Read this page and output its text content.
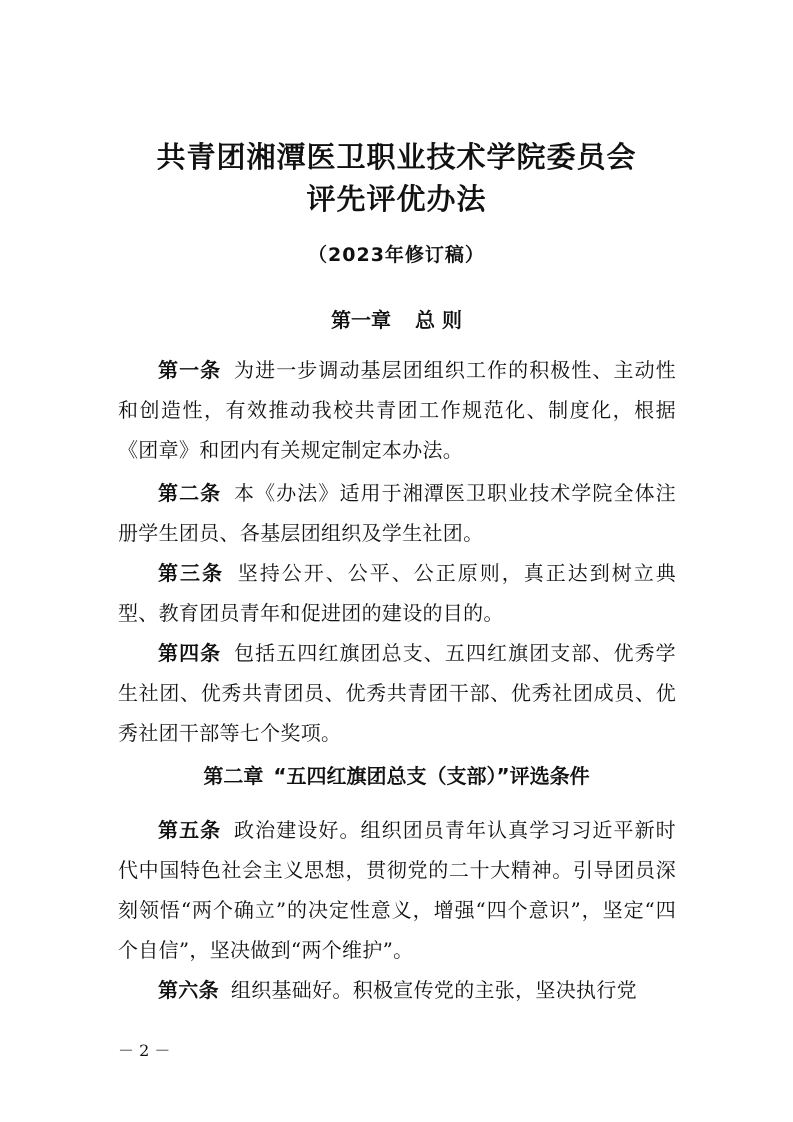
共青团湘潭医卫职业技术学院委员会
评先评优办法
（2023年修订稿）
第一章 总 则

第一条 为进一步调动基层团组织工作的积极性、主动性和创造性，有效推动我校共青团工作规范化、制度化，根据《团章》和团内有关规定制定本办法。

第二条 本《办法》适用于湘潭医卫职业技术学院全体注册学生团员、各基层团组织及学生社团。

第三条 坚持公开、公平、公正原则，真正达到树立典型、教育团员青年和促进团的建设的目的。

第四条 包括五四红旗团总支、五四红旗团支部、优秀学生社团、优秀共青团员、优秀共青团干部、优秀社团成员、优秀社团干部等七个奖项。

第二章 “五四红旗团总支（支部）”评选条件

第五条 政治建设好。组织团员青年认真学习习近平新时代中国特色社会主义思想，贯彻党的二十大精神。引导团员深刻领悟“两个确立”的决定性意义，增强“四个意识”，坚定“四个自信”，坚决做到“两个维护”。

第六条 组织基础好。积极宣传党的主张，坚决执行党

－ 2 －
